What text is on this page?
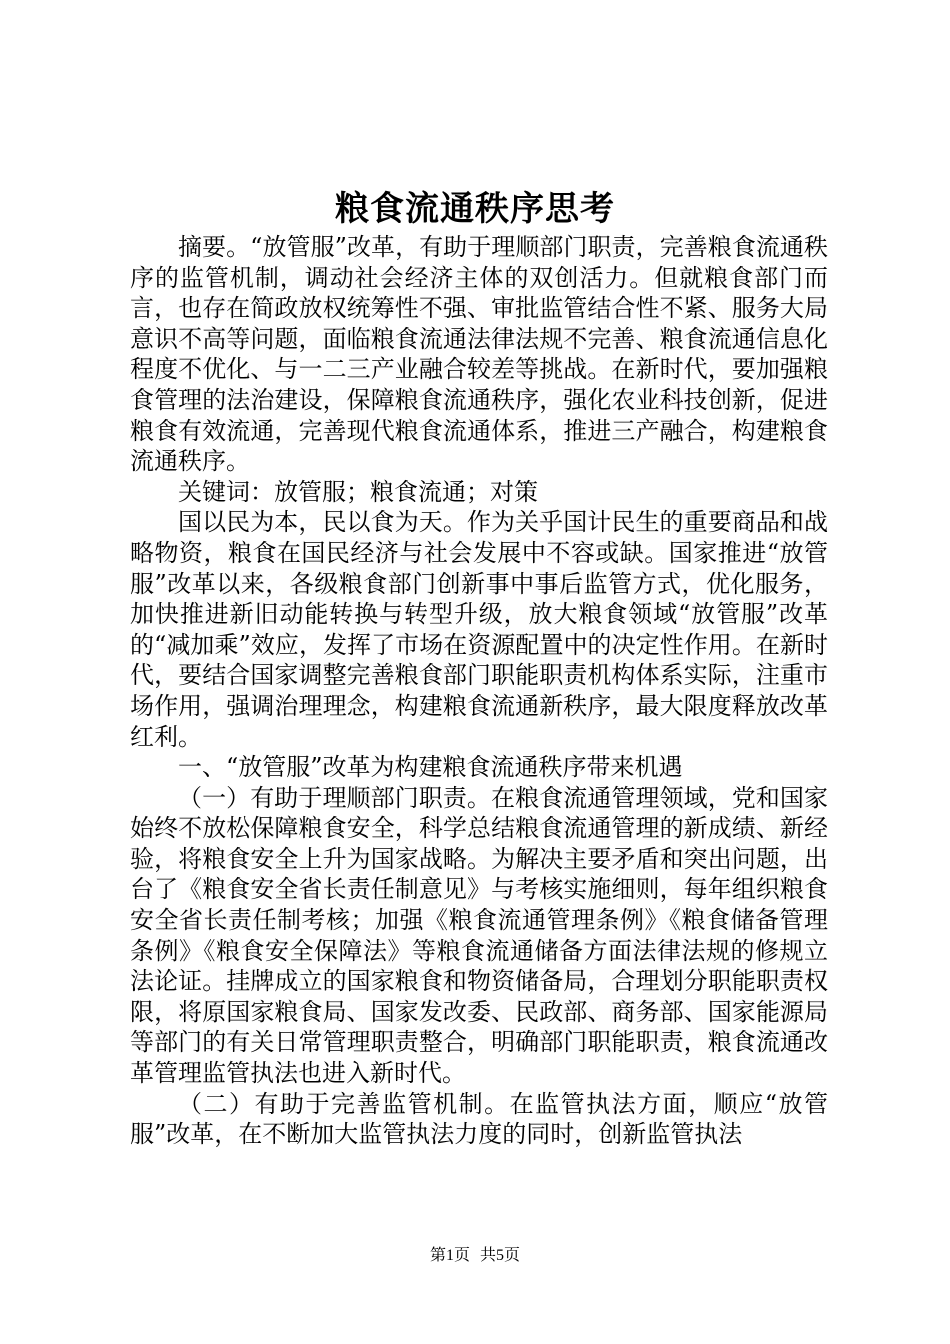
粮食流通秩序思考

摘要。“放管服”改革，有助于理顺部门职责，完善粮食流通秩序的监管机制，调动社会经济主体的双创活力。但就粮食部门而言，也存在简政放权统筹性不强、审批监管结合性不紧、服务大局意识不高等问题，面临粮食流通法律法规不完善、粮食流通信息化程度不优化、与一二三产业融合较差等挑战。在新时代，要加强粮食管理的法治建设，保障粮食流通秩序，强化农业科技创新，促进粮食有效流通，完善现代粮食流通体系，推进三产融合，构建粮食流通秩序。

关键词：放管服；粮食流通；对策

国以民为本，民以食为天。作为关乎国计民生的重要商品和战略物资，粮食在国民经济与社会发展中不容或缺。国家推进“放管服”改革以来，各级粮食部门创新事中事后监管方式，优化服务，加快推进新旧动能转换与转型升级，放大粮食领域“放管服”改革的“减加乘”效应，发挥了市场在资源配置中的决定性作用。在新时代，要结合国家调整完善粮食部门职能职责机构体系实际，注重市场作用，强调治理理念，构建粮食流通新秩序，最大限度释放改革红利。

一、“放管服”改革为构建粮食流通秩序带来机遇

（一）有助于理顺部门职责。在粮食流通管理领域，党和国家始终不放松保障粮食安全，科学总结粮食流通管理的新成绩、新经验，将粮食安全上升为国家战略。为解决主要矛盾和突出问题，出台了《粮食安全省长责任制意见》与考核实施细则，每年组织粮食安全省长责任制考核；加强《粮食流通管理条例》《粮食储备管理条例》《粮食安全保障法》等粮食流通储备方面法律法规的修规立法论证。挂牌成立的国家粮食和物资储备局，合理划分职能职责权限，将原国家粮食局、国家发改委、民政部、商务部、国家能源局等部门的有关日常管理职责整合，明确部门职能职责，粮食流通改革管理监管执法也进入新时代。

（二）有助于完善监管机制。在监管执法方面，顺应“放管服”改革，在不断加大监管执法力度的同时，创新监管执法

第1页 共5页
